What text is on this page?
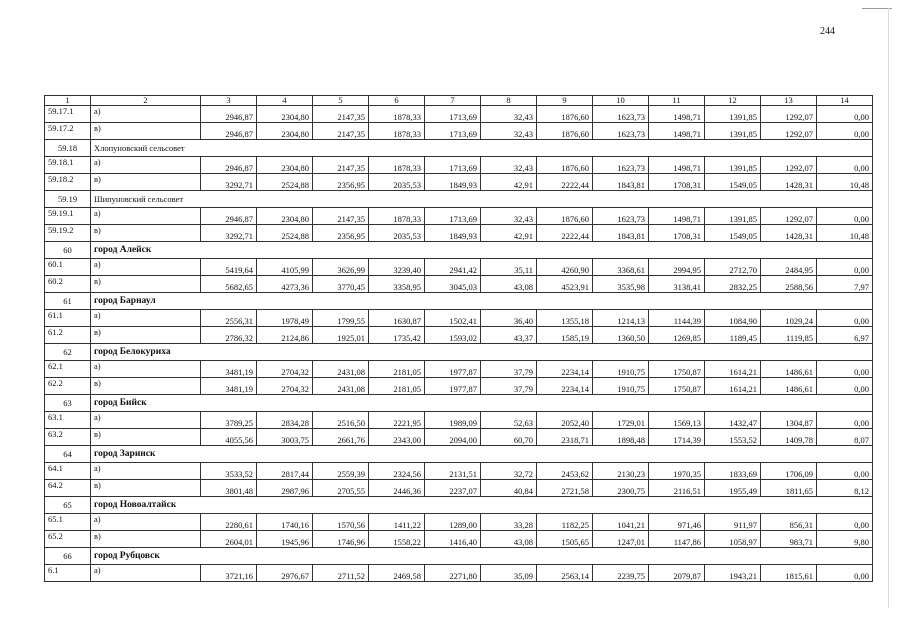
244
1	2	3	4	5	6	7	8	9	10	11	12	13	14
59.17.1	а)	2946,87	2304,80	2147,35	1878,33	1713,69	32,43	1876,60	1623,73	1498,71	1391,85	1292,07	0,00
59.17.2	в)	2946,87	2304,80	2147,35	1878,33	1713,69	32,43	1876,60	1623,73	1498,71	1391,85	1292,07	0,00
59.18	Хлопуновский сельсовет												
59.18.1	а)	2946,87	2304,80	2147,35	1878,33	1713,69	32,43	1876,60	1623,73	1498,71	1391,85	1292,07	0,00
59.18.2	в)	3292,71	2524,88	2356,95	2035,53	1849,93	42,91	2222,44	1843,81	1708,31	1549,05	1428,31	10,48
59.19	Шипуновский сельсовет												
59.19.1	а)	2946,87	2304,80	2147,35	1878,33	1713,69	32,43	1876,60	1623,73	1498,71	1391,85	1292,07	0,00
59.19.2	в)	3292,71	2524,88	2356,95	2035,53	1849,93	42,91	2222,44	1843,81	1708,31	1549,05	1428,31	10,48
60	город Алейск												
60.1	а)	5419,64	4105,99	3626,99	3239,40	2941,42	35,11	4260,90	3368,61	2994,95	2712,70	2484,95	0,00
60.2	в)	5682,65	4273,36	3770,45	3358,95	3045,03	43,08	4523,91	3535,98	3138,41	2832,25	2588,56	7,97
61	город Барнаул												
61.1	а)	2556,31	1978,49	1799,55	1630,87	1502,41	36,40	1355,18	1214,13	1144,39	1084,90	1029,24	0,00
61.2	в)	2786,32	2124,86	1925,01	1735,42	1593,02	43,37	1585,19	1360,50	1269,85	1189,45	1119,85	6,97
62	город Белокуриха												
62.1	а)	3481,19	2704,32	2431,08	2181,05	1977,87	37,79	2234,14	1910,75	1750,87	1614,21	1486,61	0,00
62.2	в)	3481,19	2704,32	2431,08	2181,05	1977,87	37,79	2234,14	1910,75	1750,87	1614,21	1486,61	0,00
63	город Бийск												
63.1	а)	3789,25	2834,28	2516,50	2221,95	1989,09	52,63	2052,40	1729,01	1569,13	1432,47	1304,87	0,00
63.2	в)	4055,56	3003,75	2661,76	2343,00	2094,00	60,70	2318,71	1898,48	1714,39	1553,52	1409,78	8,07
64	город Заринск												
64.1	а)	3533,52	2817,44	2559,39	2324,56	2131,51	32,72	2453,62	2130,23	1970,35	1833,69	1706,09	0,00
64.2	в)	3801,48	2987,96	2705,55	2446,36	2237,07	40,84	2721,58	2300,75	2116,51	1955,49	1811,65	8,12
65	город Новоалтайск												
65.1	а)	2280,61	1740,16	1570,56	1411,22	1289,00	33,28	1182,25	1041,21	971,46	911,97	856,31	0,00
65.2	в)	2604,01	1945,96	1746,96	1558,22	1416,40	43,08	1505,65	1247,01	1147,86	1058,97	983,71	9,80
66	город Рубцовск												
6.1	а)	3721,16	2976,67	2711,52	2469,58	2271,80	35,09	2563,14	2239,75	2079,87	1943,21	1815,61	0,00
